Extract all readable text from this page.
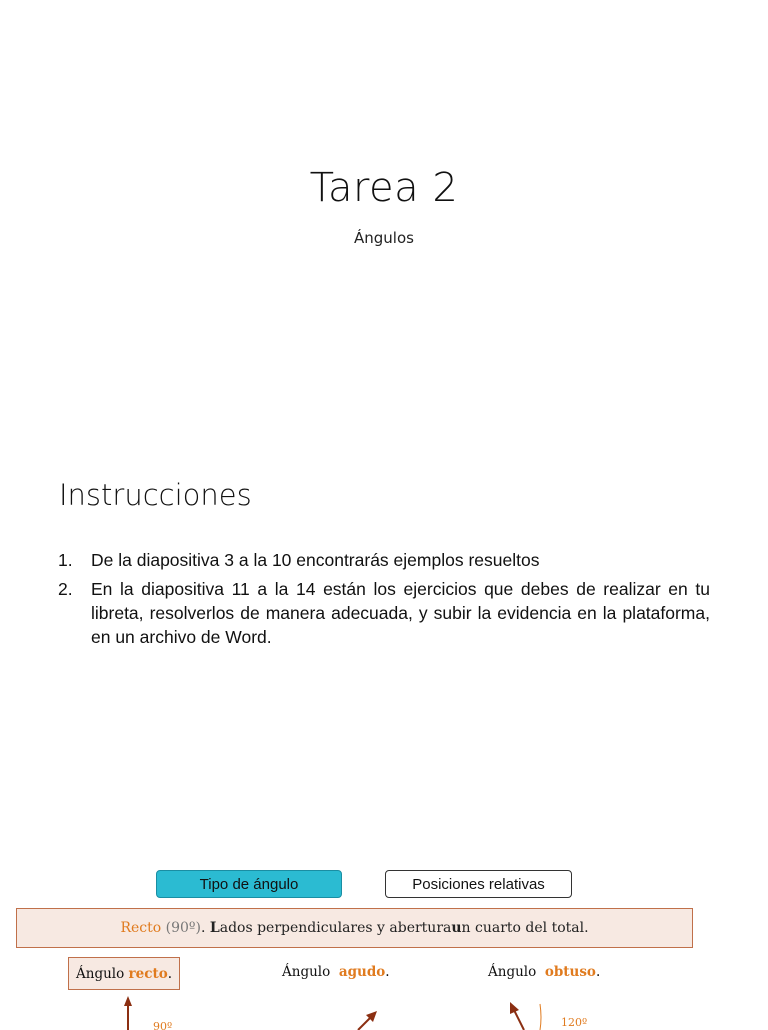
Tarea 2
Ángulos
Instrucciones
1. De la diapositiva 3 a la 10 encontrarás ejemplos resueltos
2. En la diapositiva 11 a la 14 están los ejercicios que debes de realizar en tu libreta, resolverlos de manera adecuada, y subir la evidencia en la plataforma, en un archivo de Word.
Tipo de ángulo	Posiciones relativas
Recto
(90º) .
L ados perpendiculares y abertura u n cuarto del total.
Ángulo
recto .	Ángulo  agudo.	Ángulo  obtuso.
90º	120º
